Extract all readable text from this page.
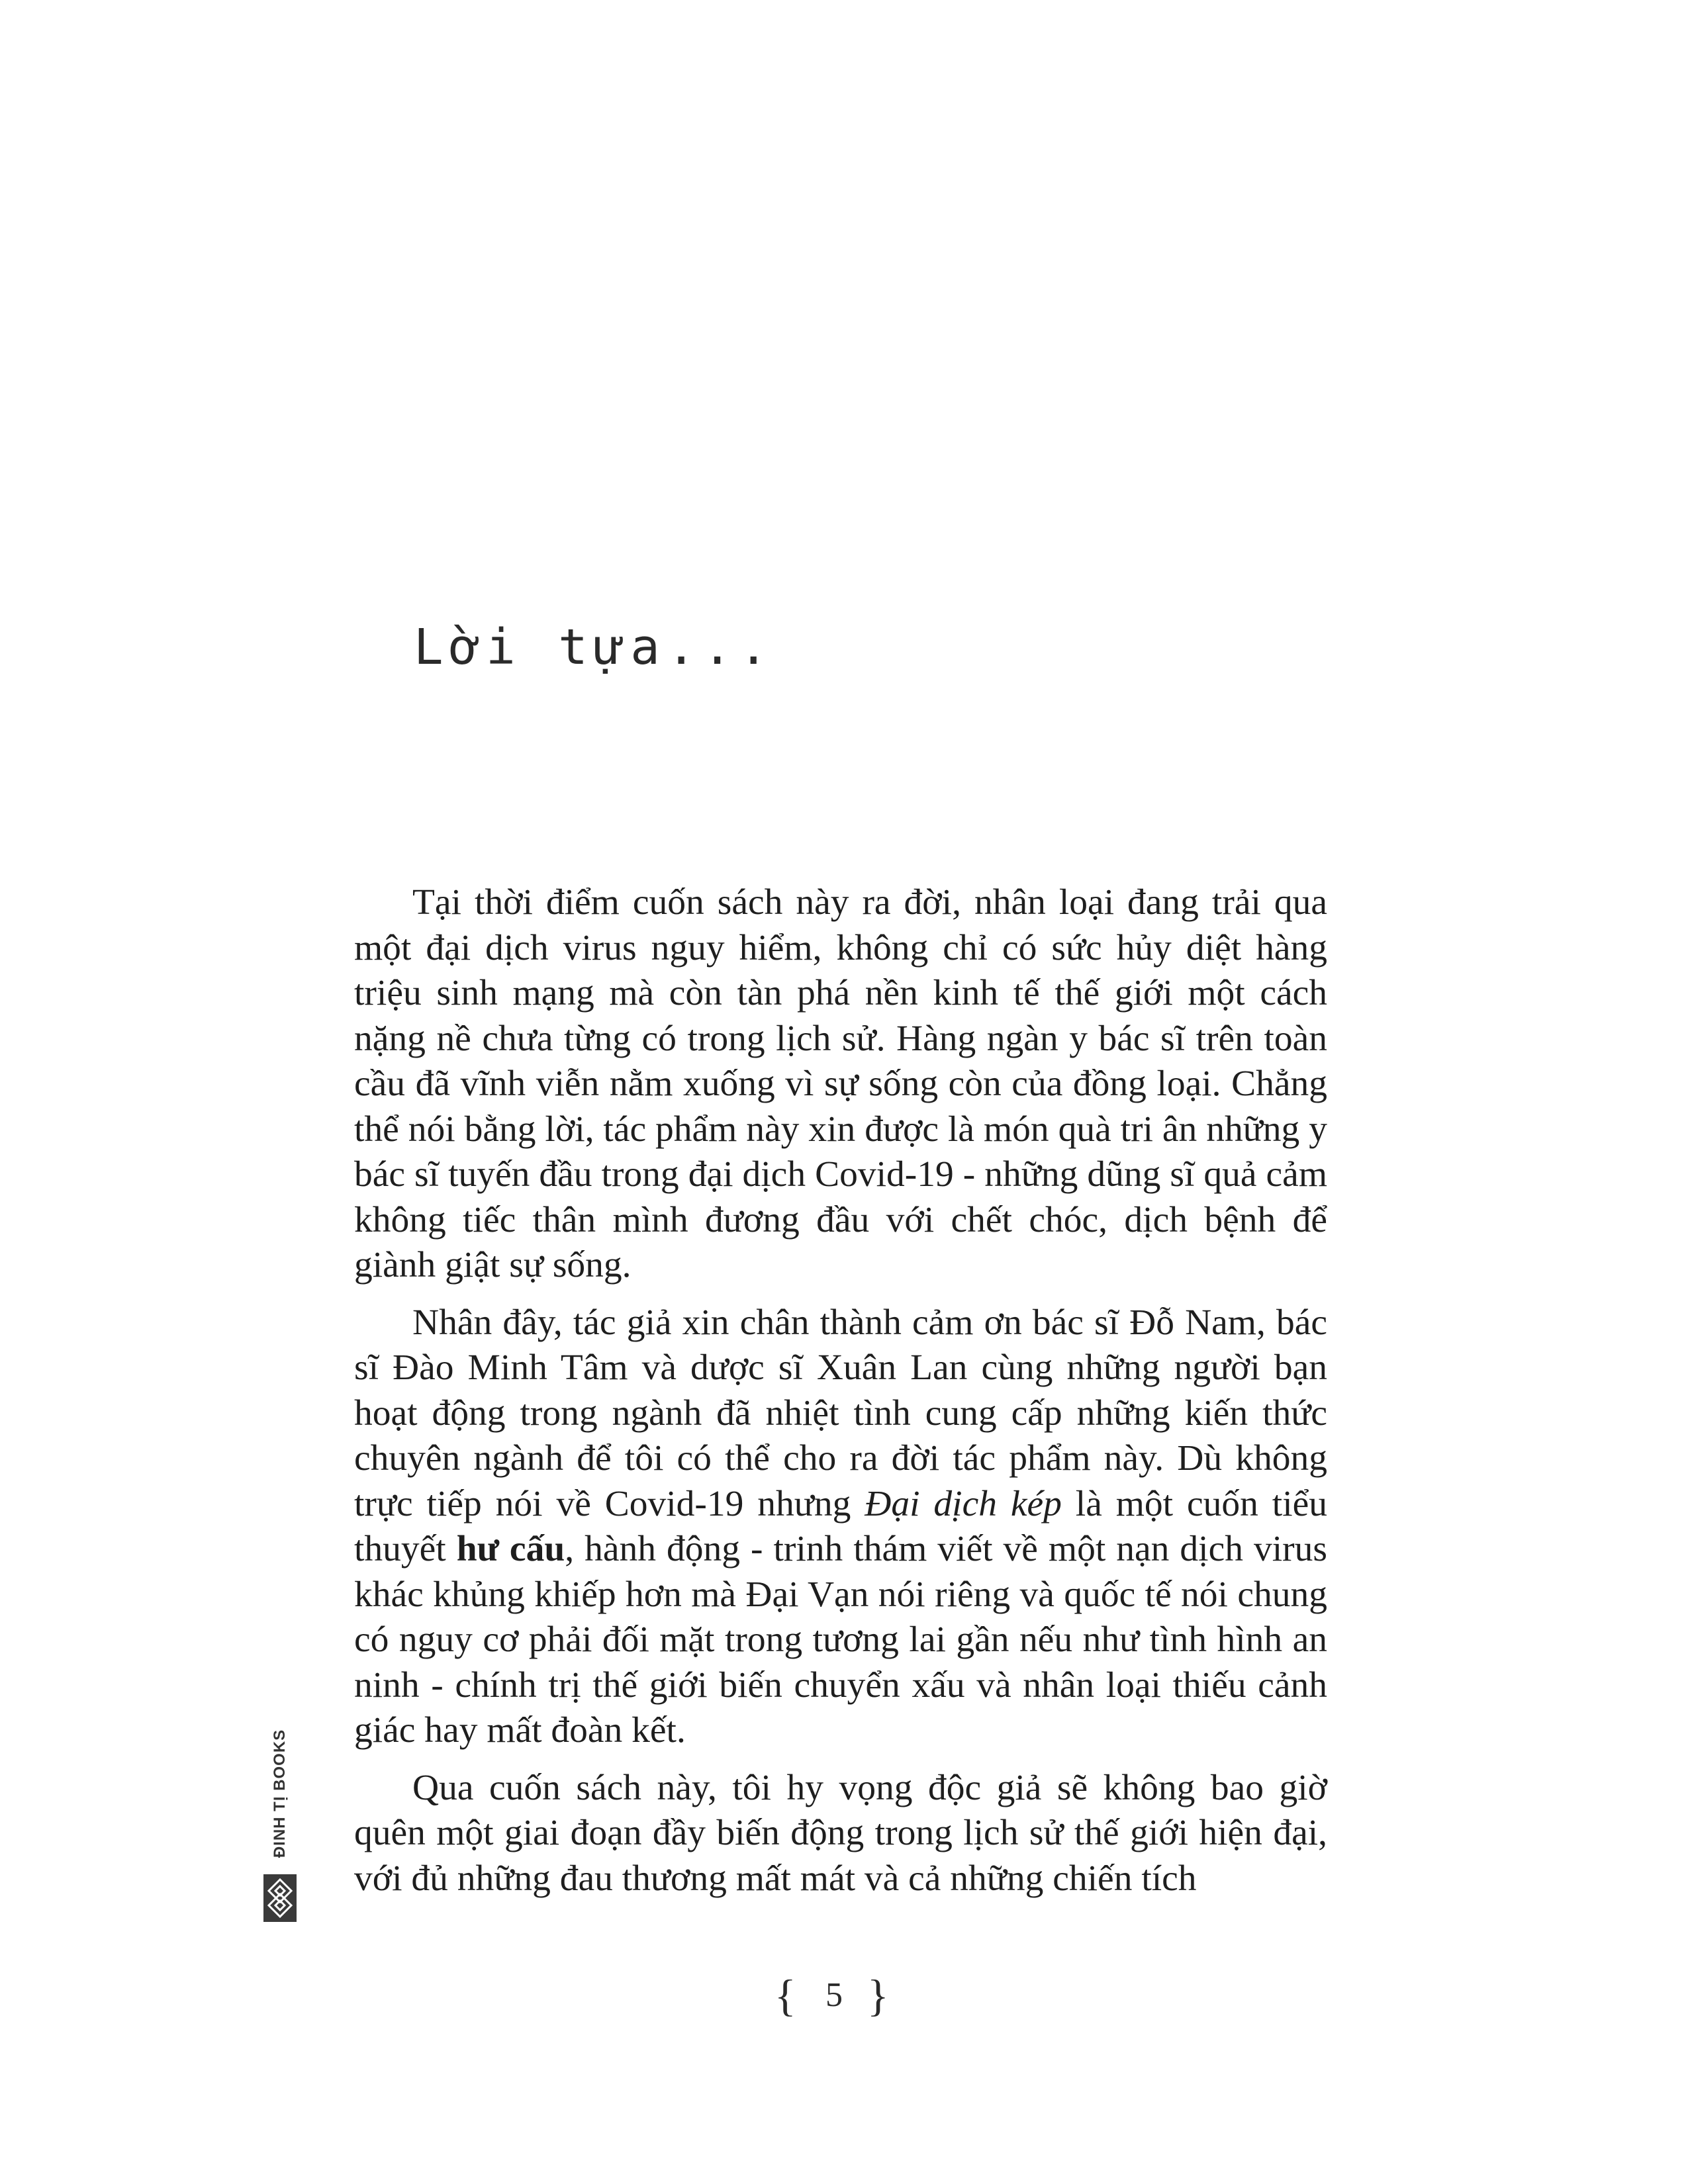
Lời tựa...

Tại thời điểm cuốn sách này ra đời, nhân loại đang trải qua một đại dịch virus nguy hiểm, không chỉ có sức hủy diệt hàng triệu sinh mạng mà còn tàn phá nền kinh tế thế giới một cách nặng nề chưa từng có trong lịch sử. Hàng ngàn y bác sĩ trên toàn cầu đã vĩnh viễn nằm xuống vì sự sống còn của đồng loại. Chẳng thể nói bằng lời, tác phẩm này xin được là món quà tri ân những y bác sĩ tuyến đầu trong đại dịch Covid-19 - những dũng sĩ quả cảm không tiếc thân mình đương đầu với chết chóc, dịch bệnh để giành giật sự sống.

Nhân đây, tác giả xin chân thành cảm ơn bác sĩ Đỗ Nam, bác sĩ Đào Minh Tâm và dược sĩ Xuân Lan cùng những người bạn hoạt động trong ngành đã nhiệt tình cung cấp những kiến thức chuyên ngành để tôi có thể cho ra đời tác phẩm này. Dù không trực tiếp nói về Covid-19 nhưng Đại dịch kép là một cuốn tiểu thuyết hư cấu, hành động - trinh thám viết về một nạn dịch virus khác khủng khiếp hơn mà Đại Vạn nói riêng và quốc tế nói chung có nguy cơ phải đối mặt trong tương lai gần nếu như tình hình an ninh - chính trị thế giới biến chuyển xấu và nhân loại thiếu cảnh giác hay mất đoàn kết.

Qua cuốn sách này, tôi hy vọng độc giả sẽ không bao giờ quên một giai đoạn đầy biến động trong lịch sử thế giới hiện đại, với đủ những đau thương mất mát và cả những chiến tích

ĐINH TỊ BOOKS
{ 5 }
